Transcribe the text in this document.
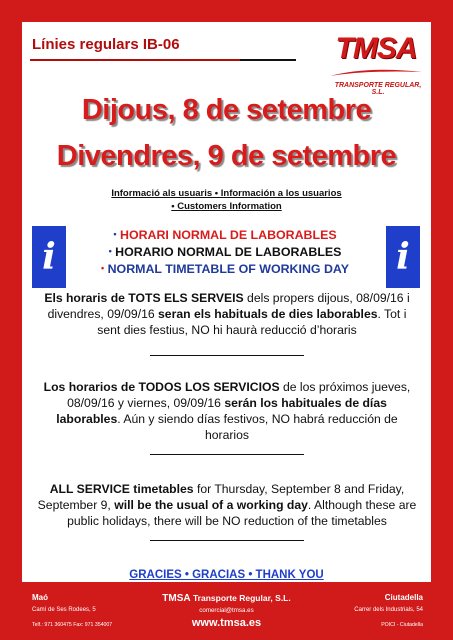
Línies regulars IB-06	TMSA
TRANSPORTE REGULAR, S.L.
Dijous, 8 de setembre
Divendres, 9 de setembre
Informació als usuaris • Información a los usuarios
• Customers Information
i	i
• HORARI NORMAL DE LABORABLES
• HORARIO NORMAL DE LABORABLES
• NORMAL TIMETABLE OF WORKING DAY
Els horaris de TOTS ELS SERVEIS dels propers dijous, 08/09/16 i divendres, 09/09/16 seran els habituals de dies laborables. Tot i sent dies festius, NO hi haurà reducció d’horaris
Los horarios de TODOS LOS SERVICIOS de los próximos jueves, 08/09/16 y viernes, 09/09/16 serán los habituales de días laborables. Aún y siendo días festivos, NO habrá reducción de horarios
ALL SERVICE timetables for Thursday, September 8 and Friday, September 9, will be the usual of a working day. Although these are public holidays, there will be NO reduction of the timetables
GRACIES • GRACIAS • THANK YOU
Maó
Camí de Ses Rodees, 5
Telf.: 971 360475 Fax: 971 354007
TMSA Transporte Regular, S.L.
comercial@tmsa.es
www.tmsa.es
Ciutadella
Carrer dels Industrials, 54
POICI - Ciutadella
